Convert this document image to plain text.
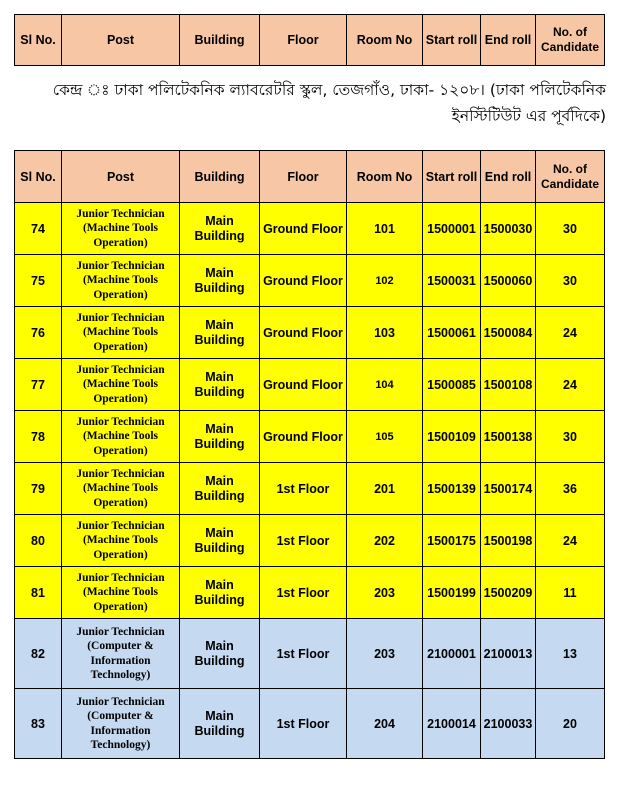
Sl No.	Post	Building	Floor	Room No	Start roll	End roll	No. of
Candidate
কেন্দ্র ঃ ঢাকা পলিটেকনিক ল্যাবরেটরি স্কুল, তেজগাঁও, ঢাকা- ১২০৮। (ঢাকা পলিটেকনিক
ইনস্টিটিউট এর পূর্বদিকে)
Sl No.	Post	Building	Floor	Room No	Start roll	End roll	No. of
Candidate
74	Junior Technician
(Machine Tools
Operation)	Main
Building	Ground Floor	101	1500001	1500030	30
75	Junior Technician
(Machine Tools
Operation)	Main
Building	Ground Floor	102	1500031	1500060	30
76	Junior Technician
(Machine Tools
Operation)	Main
Building	Ground Floor	103	1500061	1500084	24
77	Junior Technician
(Machine Tools
Operation)	Main
Building	Ground Floor	104	1500085	1500108	24
78	Junior Technician
(Machine Tools
Operation)	Main
Building	Ground Floor	105	1500109	1500138	30
79	Junior Technician
(Machine Tools
Operation)	Main
Building	1st Floor	201	1500139	1500174	36
80	Junior Technician
(Machine Tools
Operation)	Main
Building	1st Floor	202	1500175	1500198	24
81	Junior Technician
(Machine Tools
Operation)	Main
Building	1st Floor	203	1500199	1500209	11
82	Junior Technician
(Computer &
Information
Technology)	Main
Building	1st Floor	203	2100001	2100013	13
83	Junior Technician
(Computer &
Information
Technology)	Main
Building	1st Floor	204	2100014	2100033	20
